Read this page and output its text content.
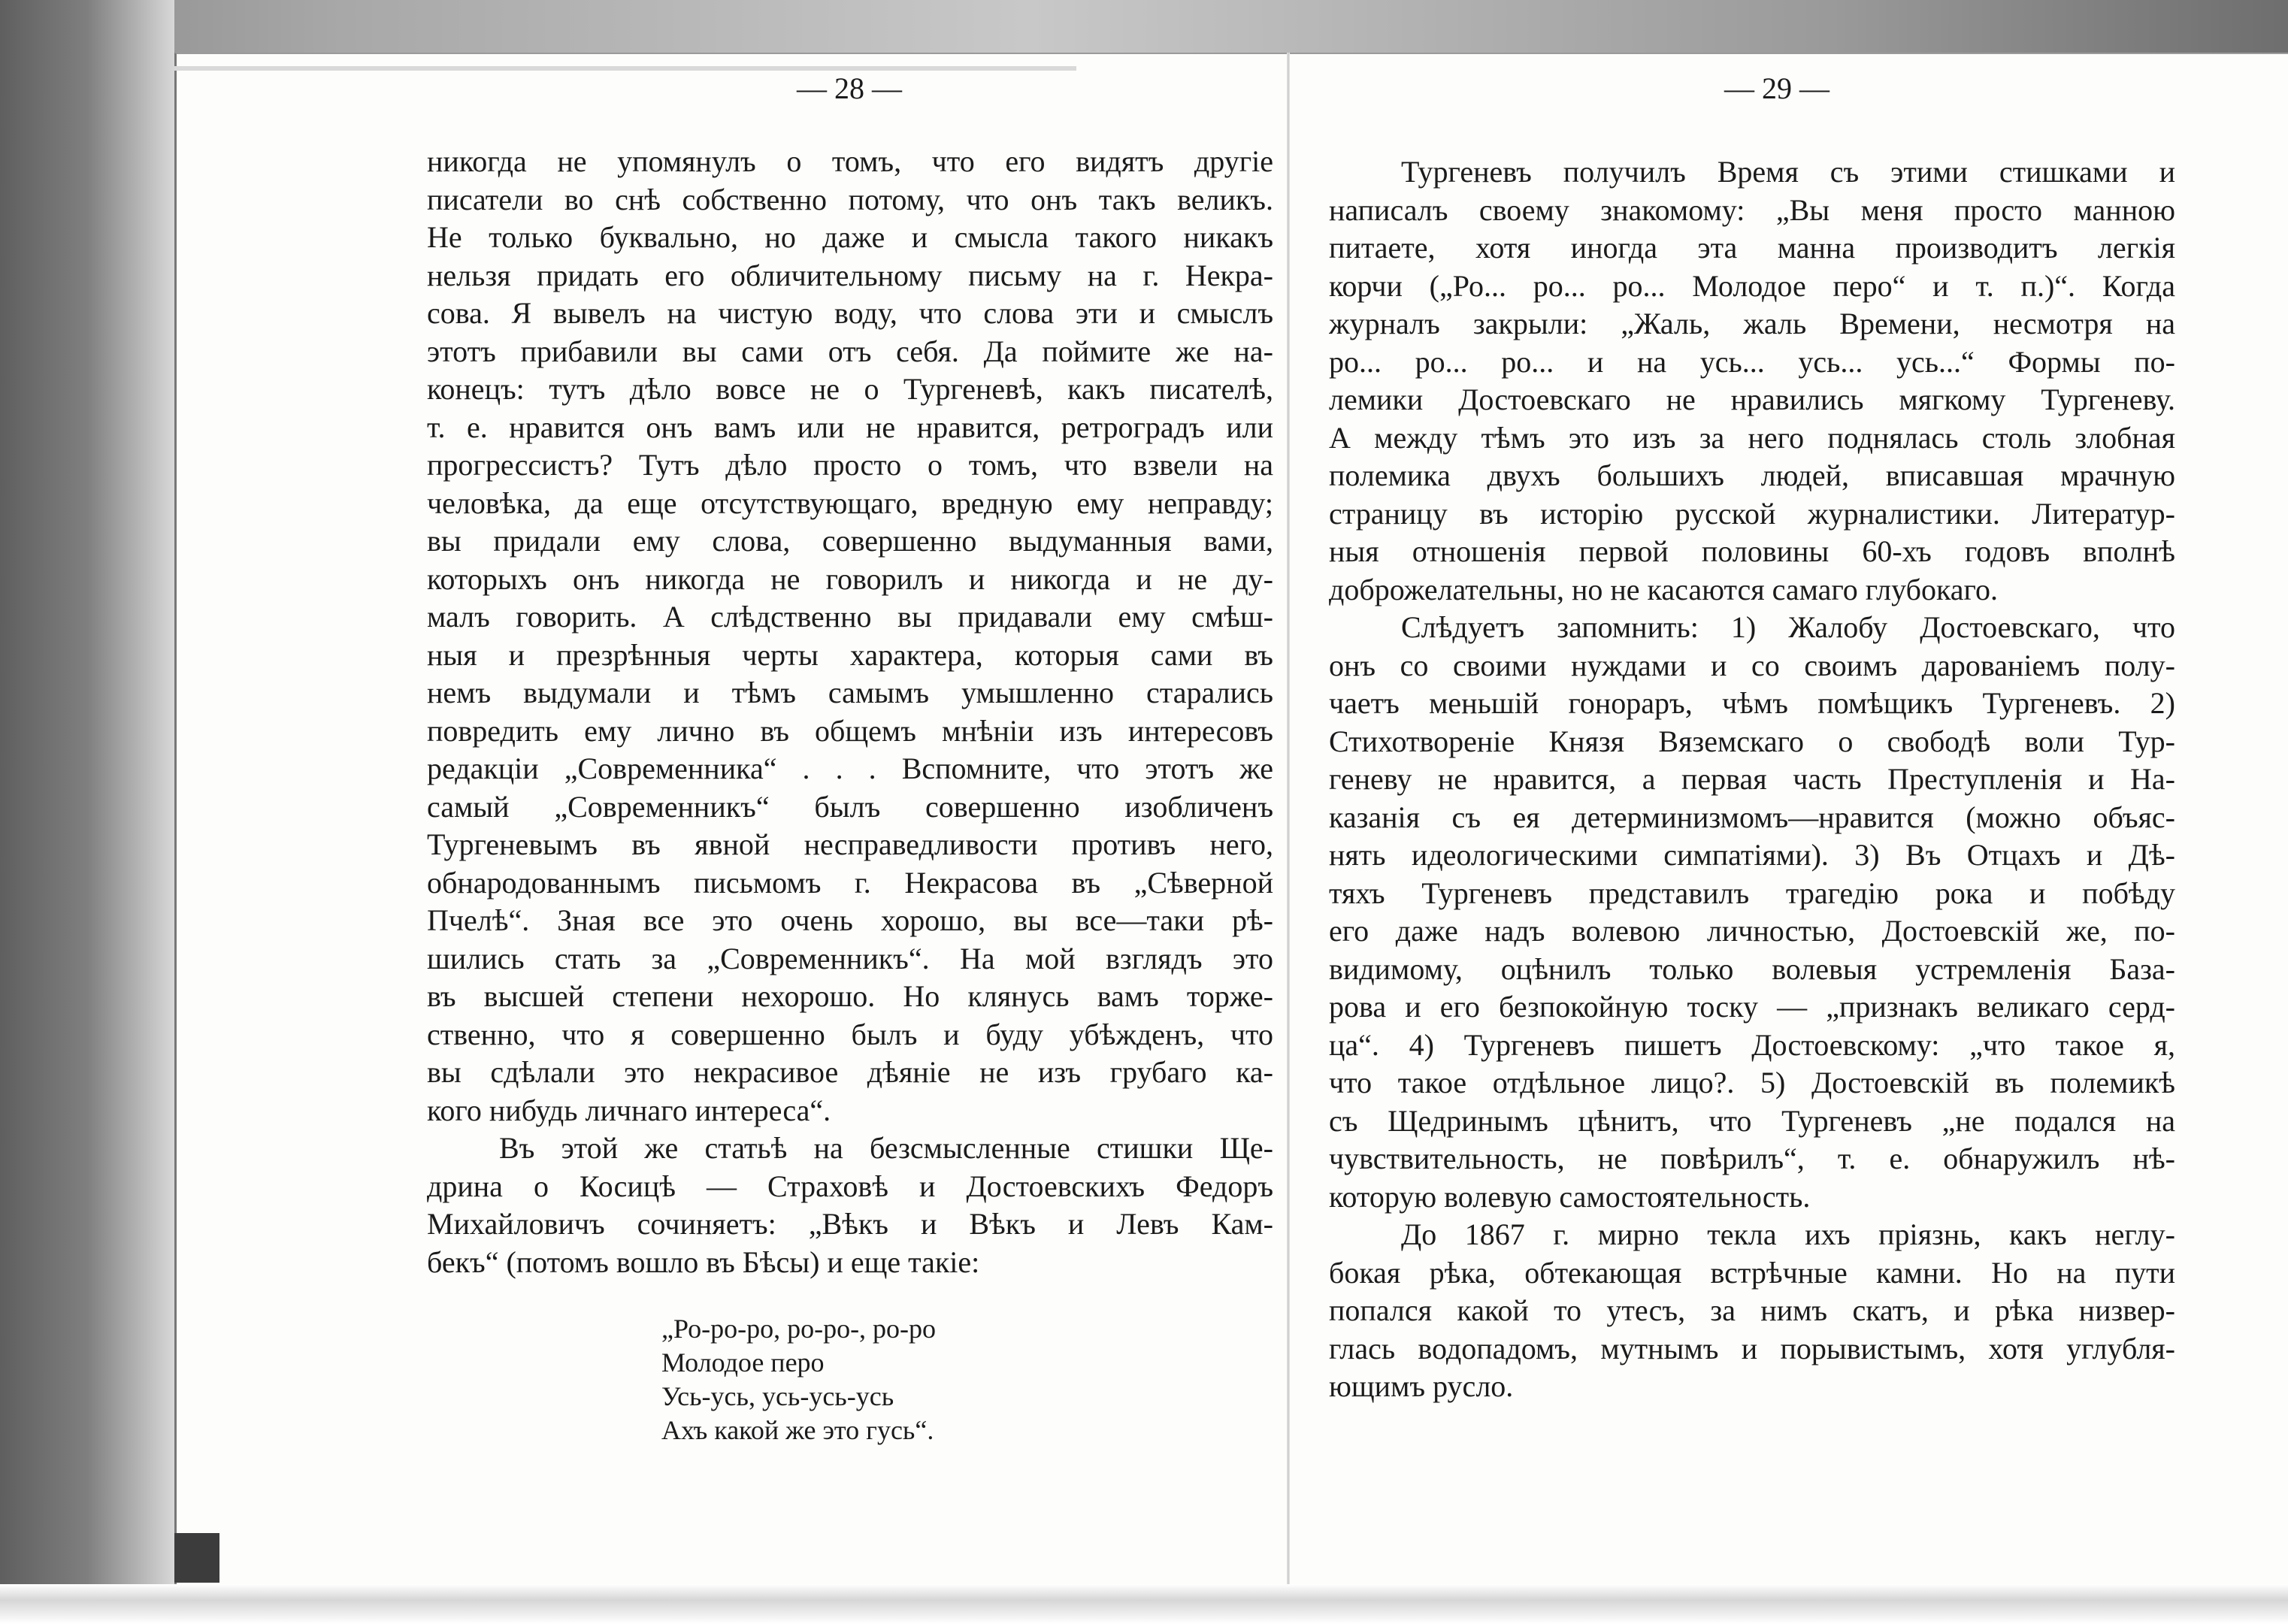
— 28 —
никогда не упомянулъ о томъ, что его видятъ другiе
писатели во снѣ собственно потому, что онъ такъ великъ.
Не только буквально, но даже и смысла такого никакъ
нельзя придать его обличительному письму на г. Некра-
сова. Я вывелъ на чистую воду, что слова эти и смыслъ
этотъ прибавили вы сами отъ себя. Да поймите же на-
конецъ: тутъ дѣло вовсе не о Тургеневѣ, какъ писателѣ,
т. е. нравится онъ вамъ или не нравится, ретроградъ или
прогрессистъ? Тутъ дѣло просто о томъ, что взвели на
человѣка, да еще отсутствующаго, вредную ему неправду;
вы придали ему слова, совершенно выдуманныя вами,
которыхъ онъ никогда не говорилъ и никогда и не ду-
малъ говорить. А слѣдственно вы придавали ему смѣш-
ныя и презрѣнныя черты характера, которыя сами въ
немъ выдумали и тѣмъ самымъ умышленно старались
повредить ему лично въ общемъ мнѣнiи изъ интересовъ
редакцiи „Современника“ . . . Вспомните, что этотъ же
самый „Современникъ“ былъ совершенно изобличенъ
Тургеневымъ въ явной несправедливости противъ него,
обнародованнымъ письмомъ г. Некрасова въ „Сѣверной
Пчелѣ“. Зная все это очень хорошо, вы все—таки рѣ-
шились стать за „Современникъ“. На мой взглядъ это
въ высшей степени нехорошо. Но клянусь вамъ торже-
ственно, что я совершенно былъ и буду убѣжденъ, что
вы сдѣлали это некрасивое дѣянiе не изъ грубаго ка-
кого нибудь личнаго интереса“.
Въ этой же статьѣ на безсмысленные стишки Щe-
дрина о Косицѣ — Страховѣ и Достоевскихъ Федоръ
Михайловичъ сочиняетъ: „Вѣкъ и Вѣкъ и Левъ Кам-
бекъ“ (потомъ вошло въ Бѣсы) и еще такiе:
„Ро-ро-ро, ро-ро-, ро-ро
Молодое перо
Усь-усь, усь-усь-усь
Ахъ какой же это гусь“.
— 29 —
Тургеневъ получилъ Время съ этими стишками и
написалъ своему знакомому: „Вы меня просто манною
питаете, хотя иногда эта манна производитъ легкiя
корчи („Ро... ро... ро... Молодое перо“ и т. п.)“. Когда
журналъ закрыли: „Жаль, жаль Времени, несмотря на
ро... ро... ро... и на усь... усь... усь...“ Формы по-
лемики Достоевскаго не нравились мягкому Тургеневу.
А между тѣмъ это изъ за него поднялась столь злобная
полемика двухъ большихъ людей, вписавшая мрачную
страницу въ исторiю русской журналистики. Литератур-
ныя отношенiя первой половины 60-хъ годовъ вполнѣ
доброжелательны, но не касаются самаго глубокаго.
Слѣдуетъ запомнить: 1) Жалобу Достоевскаго, что
онъ со своими нуждами и со своимъ дарованiемъ полу-
чаетъ меньшiй гонораръ, чѣмъ помѣщикъ Тургеневъ. 2)
Стихотворенiе Князя Вяземскаго о свободѣ воли Тур-
геневу не нравится, а первая часть Преступленiя и На-
казанiя съ ея детерминизмомъ—нравится (можно объяс-
нять идеологическими симпатiями). 3) Въ Отцахъ и Дѣ-
тяхъ Тургеневъ представилъ трагедiю рока и побѣду
его даже надъ волевою личностью, Достоевскiй же, по-
видимому, оцѣнилъ только волевыя устремленiя База-
рова и его безпокойную тоску — „признакъ великаго серд-
ца“. 4) Тургеневъ пишетъ Достоевскому: „что такое я,
что такое отдѣльное лицо?. 5) Достоевскiй въ полемикѣ
съ Щедринымъ цѣнитъ, что Тургеневъ „не подался на
чувствительность, не повѣрилъ“, т. е. обнаружилъ нѣ-
которую волевую самостоятельность.
До 1867 г. мирно текла ихъ прiязнь, какъ неглу-
бокая рѣка, обтекающая встрѣчные камни. Но на пути
попался какой то утесъ, за нимъ скатъ, и рѣка низвер-
глась водопадомъ, мутнымъ и порывистымъ, хотя углубля-
ющимъ русло.
